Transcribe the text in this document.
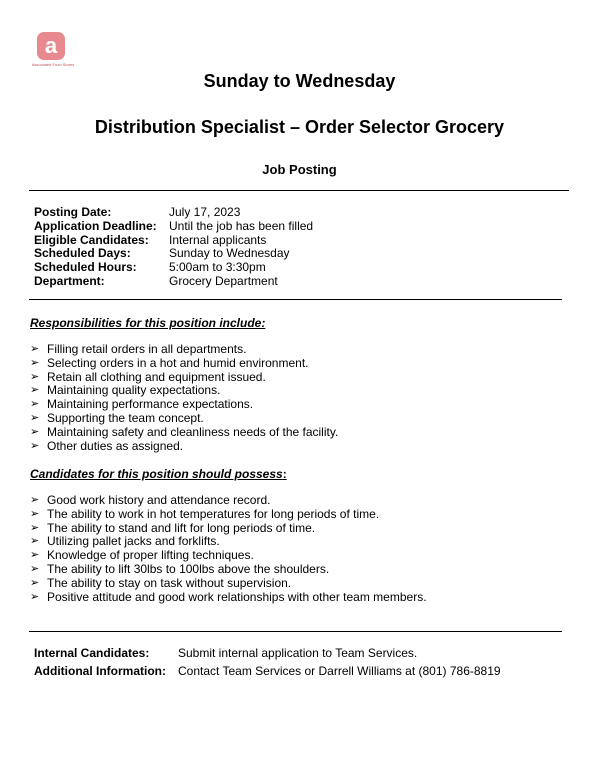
a
Associated Food Stores
Sunday to Wednesday
Distribution Specialist – Order Selector Grocery
Job Posting
Posting Date:	July 17, 2023
Application Deadline:	Until the job has been filled
Eligible Candidates:	Internal applicants
Scheduled Days:	Sunday to Wednesday
Scheduled Hours:	5:00am to 3:30pm
Department:	Grocery Department
Responsibilities for this position include:
➢ Filling retail orders in all departments.
➢ Selecting orders in a hot and humid environment.
➢ Retain all clothing and equipment issued.
➢ Maintaining quality expectations.
➢ Maintaining performance expectations.
➢ Supporting the team concept.
➢ Maintaining safety and cleanliness needs of the facility.
➢ Other duties as assigned.
Candidates for this position should possess:
➢ Good work history and attendance record.
➢ The ability to work in hot temperatures for long periods of time.
➢ The ability to stand and lift for long periods of time.
➢ Utilizing pallet jacks and forklifts.
➢ Knowledge of proper lifting techniques.
➢ The ability to lift 30lbs to 100lbs above the shoulders.
➢ The ability to stay on task without supervision.
➢ Positive attitude and good work relationships with other team members.
Internal Candidates:	Submit internal application to Team Services.
Additional Information:	Contact Team Services or Darrell Williams at (801) 786-8819
